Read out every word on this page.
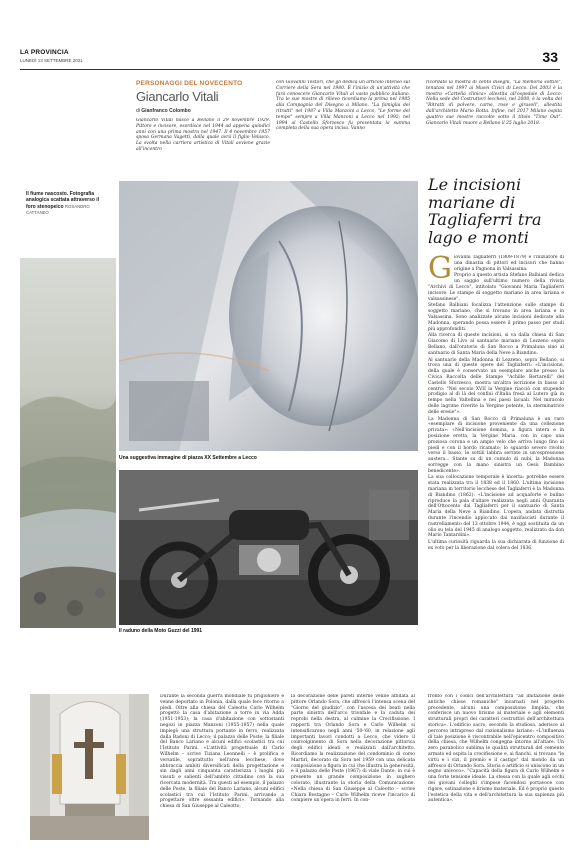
LA PROVINCIA
LUNEDÌ 13 SETTEMBRE 2021	33
PERSONAGGI DEL NOVECENTO
Giancarlo Vitali
di Gianfranco Colombo

Giancarlo Vitali nasce a Bellano il 29 novembre 1929. Pittore e incisore, esordisce nel 1944 ad appena quindici anni con una prima mostra nel 1947. Il 4 novembre 1957 sposa Germana Vagetti, dalla quale avrà il figlio Velasco. La svolta nella carriera artistica di Vitali avviene grazie all'incontro

con Giovanni Testori, che gli dedica un articolo intenso sul Corriere della Sera nel 1980. È l'inizio di un'attività che farà conoscere Giancarlo Vitali al vasto pubblico italiano. Tra le sue mostre di rilievo ricordiamo la prima nel 1985 alla Compagnia del Disegno a Milano, "La famiglia dei ritratti" nel 1987 a Villa Manzoni a Lecco, "Le forme del tempo" sempre a Villa Manzoni a Lecco nel 1992; nel 1994 al Castello Sforzesco fu presentata la summa completa della sua opera incisa. Vanno

ricordate la mostra di cento disegni, "La memoria sottile", tenutasi nel 1997 ai Musei Civici di Lecco. Del 2003 è la mostra «Cartella clinica» allestita all'ospedale di Lecco. Nella sede del Costruttori lecchesi, nel 2008, è la volta dei "Ritratti di polvere, carne, rose e girasoli", allestita dall'architetto Mario Botta. Infine, nel 2017 Milano ospita quattro sue mostre raccolte sotto il titolo "Time Out". Giancarlo Vitali muore a Bellano il 25 luglio 2018.

Il fiume nascosto. Fotografia analogica scattata attraverso il foro stenopeico ROSANDRO CATTANEO
Una suggestiva immagine di piazza XX Settembre a Lecco
Il raduno della Moto Guzzi del 1991
Le incisioni mariane di Tagliaferri tra lago e monti
G iovanni Tagliaferri (1809-1879) è l'iniziatore di una dinastia di pittori ed incisori che hanno origine a Pagnona in Valsassina.

Proprio a questo artista Stefano Balbiani dedica un saggio sull'ultimo numero della rivista "Archivi di Lecco", intitolato "Giovanni Maria Tagliaferri incisore. Le stampe di soggetto mariano in area lariana e valsassinese".

Stefano Balbiani focalizza l'attenzione sulle stampe di soggetto mariano, che si trovano in area lariana e in Valsassina. Sono analizzate alcune incisioni dedicate alla Madonna, sperando possa essere il primo passo per studi più approfonditi.

Alla ricerca di queste incisioni, si va dalla chiesa di San Giacomo di Livo al santuario mariano di Lezzeno sopra Bellano, dall'oratorio di San Rocco a Primaluna sino al santuario di Santa Maria della Neve a Biandino.

Al santuario della Madonna di Lezzeno, sopra Bellano, si trova una di queste opere del Tagliaferri: «L'incisione, della quale è conservato un esemplare anche presso la Civica Raccolta delle Stampe "Achille Bertarelli" del Castello Sforzesco, mostra un'altra iscrizione in basso al centro: "Nel secolo XVII la Vergine riacciò con stupendo prodigio al dì là del confluì d'Italia fresà al Lutero già in tempo nella Valtellina e nei paesi lacuali. Nel miracolo delle lagrime riverite la Vergine potente, la sterminatrice delle eresie"».

La Madonna di San Rocco di Primaluna è un raro «esemplare di incisione proveniente da una collezione privata»: «Nell'incisione domina, a figura intera e in posizione eretta, la Vergine Maria, con in capo una preziosa corona e un ampio velo che arriva lungo fino ai piedi e con il bordo ricamato; lo sguardo severo rivolto verso il basso, le sottili labbra serrate in un'espressione austera... Stante su di un cumulo di nubi, la Madonna sorregge con la mano sinistra un Gesù Bambino benedicente».

La sua collocazione temporale è incerta: potrebbe essere stata realizzata tra il 1838 ed il 1860. L'ultima incisione mariana in territorio lecchese del Tagliaferri è la Madonna di Biandino (1862): «L'incisione ad acquaforte e bulino riproduce la pala d'altare realizzata negli anni Quaranta dell'Ottocento dal Tagliaferri per il santuario di Santa Maria della Neve a Biandino. L'opera, andata distrutta durante l'incendio appiccato dai nazifascisti durante il rastrellamento del 13 ottobre 1944, è oggi sostituita da un olio su tela del 1945 di analogo soggetto, realizzato da don Mario Tantardini».

L'ultima curiosità riguarda la sua dichiarata di funzione di ex voto per la liberazione dal colera del 1836.

Durante la seconda guerra mondiale fu prigioniero e venne deportato in Polonia, dalla quale fece ritorno a piedi. Oltre alla chiesa del Caleotto Carlo Wilhelm progettò la casa d'abitazione a torre in via Adda (1951-1953); la casa d'abitazione con sottostanti negozi in piazza Manzoni (1955-1957) nella quale impiegò una struttura portante in ferro, realizzata dalla Badoni di Lecco; il palazzo delle Poste; la filiale del Banco Lariano e alcuni edifici scolastici tra cui l'Istituto Parini. «L'attività progettuale di Carlo Wilhelm – scrive Tiziana Leonnelli – è prolifica e versatile, soprattutto nell'area lecchese, dove abbraccia ambiti diversificati della progettazione e sin dagli anni cinquanta caratterizza i luoghi più vissuti e salienti dell'ambito cittadino con la sua ricercata modernità. Tra questi ad esempio, il palazzo delle Poste, la filiale del Banco Lariano, alcuni edifici scolastici tra cui l'Istituto Parini, arrivando a progettare oltre sessanta edifici». Tornando alla chiesa di San Giuseppe al Caleotto,

la decorazione delle pareti interne venne affidata al pittore Orlando Sora, che affrescò l'intensa scena del "Giorno del giudizio", con l'ascesa dei beati nella parte sinistra dell'arco trionfale e la caduta dei reprobi nella destra, al culmine la Crocifissione. I rapporti tra Orlando Sora e Carlo Wilhelm si intensificarono negli anni '50-'60, in relazione agli importanti lavori condotti a Lecco, che videro il coinvolgimento di Sora nella decorazione pittorica degli edifici ideati e realizzati dall'architetto. Ricordiamo la realizzazione del condominio di corso Martiri, decorato da Sora nel 1959 con una delicata composizione a figura in cui che illustra la generosità, e il palazzo delle Poste (1967) di viale Dante, in cui è presente un grande composizione in sughero colorato, illustrante la storia della Comunicazione. «Nella chiesa di San Giuseppe al Caleotto – scrive Chiara Bostagno – Carlo Wilhelm riceve l'incarico di compiere un'opera in ferri. In con-

fronto con i codici dell'architettura "ad imitazione delle antiche chiese romaniche" incarnati nel progetto precedente, alcuni una composizione limpida, che conferisce un nuovo lirismo al materiale e agli elementi strutturali propri dei caratteri costruttivi dell'architettura storica». L'edificio sacro, secondo la studiosa, aderisce al percorso intrapreso dal razionalismo lariano: «L'influenza di tale posizione è riscontrabile nell'epicentro compositivo della chiesa, che Wilhelm congegna intorno all'altare. Un zero parabolico sublima le qualità strutturali del cemento armato ed ospita la crocifissione e, ai fianchi, si trovano "le virtù e i vizi, il premio e il castigo" dal mondo da un affresco di Orlando Sora. Storia e artificio si uniscono in un segno univoco». "Capacità della figura di Carlo Wilhelm e una forte tensione ideale. La stessa con la quale agli occhi dei giovani colleghi s'impose facendosi portavoce con rigore, ostinazione e lirismo materiale. Ed è proprio questo l'estetica della vita e dell'architettura la sua sapienza più autentica».
